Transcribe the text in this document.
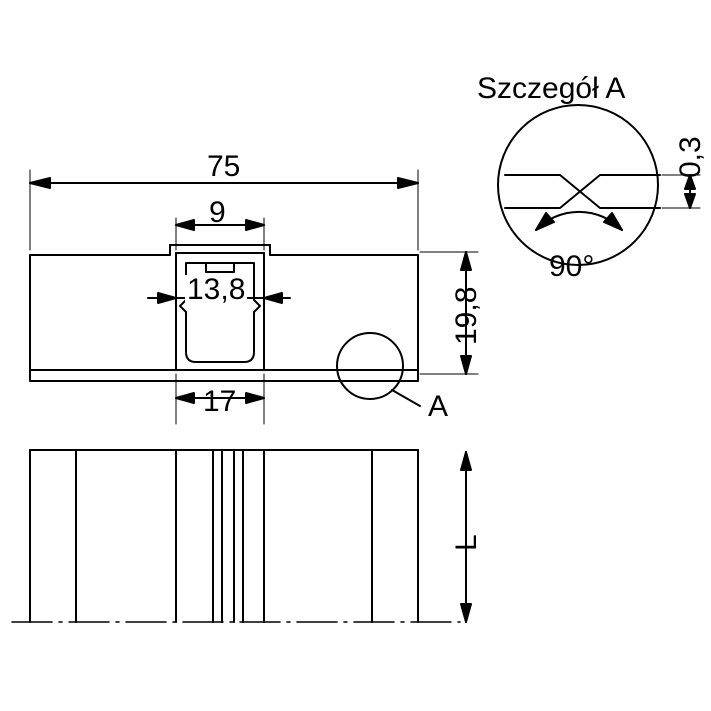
Szczegół A
75
9
13,8
17
19,8
0,3
90°
A
L
